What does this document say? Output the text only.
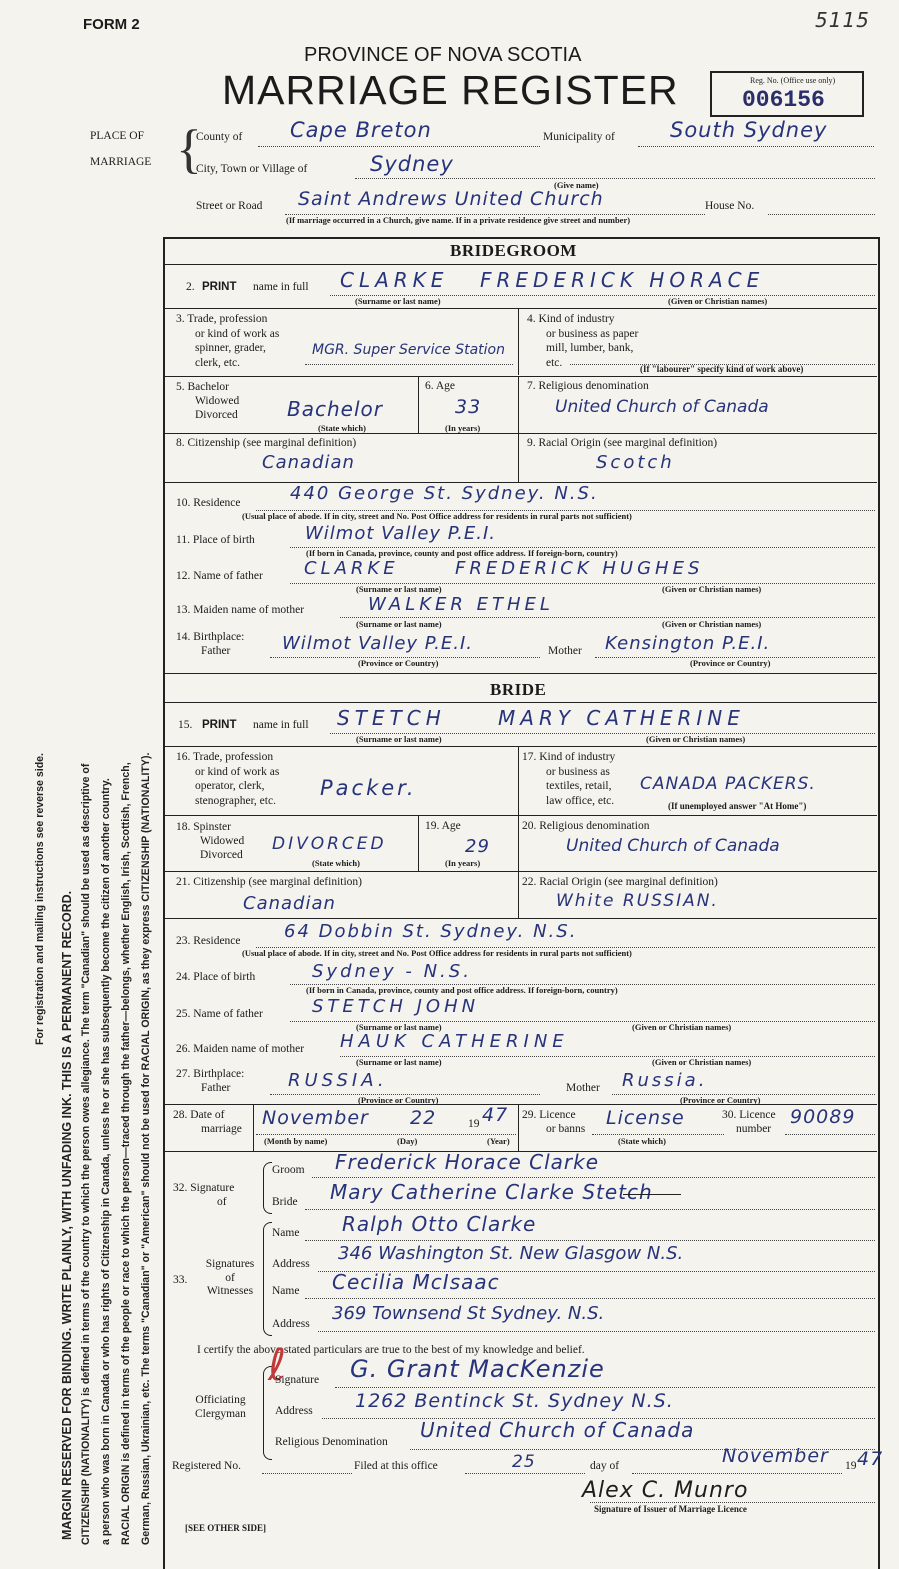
FORM 2	5115
PROVINCE OF NOVA SCOTIA
MARRIAGE REGISTER	Reg. No. (Office use only)
006156
PLACE OF
MARRIAGE {
County of Cape Breton	Municipality of	South Sydney
City, Town or Village of	Sydney
(Give name)
Street or Road Saint Andrews United Church	House No.
(If marriage occurred in a Church, give name. If in a private residence give street and number)
BRIDEGROOM
2. PRINT name in full CLARKE FREDERICK HORACE
(Surname or last name)	(Given or Christian names)
3. Trade, profession
or kind of work as
spinner, grader,
clerk, etc.
MGR. Super Service Station
4. Kind of industry
or business as paper
mill, lumber, bank,
etc.
(If "labourer" specify kind of work above)
5. Bachelor
Widowed
Divorced Bachelor
(State which)
6. Age
33
(In years)
7. Religious denomination
United Church of Canada
8. Citizenship (see marginal definition)
Canadian
9. Racial Origin (see marginal definition)
Scotch
10. Residence	440 George St. Sydney. N.S.
(Usual place of abode. If in city, street and No. Post Office address for residents in rural parts not sufficient)
11. Place of birth	Wilmot Valley P.E.I.
(If born in Canada, province, county and post office address. If foreign-born, country)
12. Name of father CLARKE	FREDERICK HUGHES
(Surname or last name)	(Given or Christian names)
13. Maiden name of mother	WALKER ETHEL
(Surname or last name)	(Given or Christian names)
14. Birthplace:
Father	Wilmot Valley P.E.I.	Mother Kensington P.E.I.
(Province or Country)	(Province or Country)
BRIDE
15. PRINT name in full STETCH	MARY CATHERINE
(Surname or last name)	(Given or Christian names)
16. Trade, profession
or kind of work as
operator, clerk,
stenographer, etc.
Packer.
17. Kind of industry
or business as
textiles, retail,
law office, etc.
CANADA PACKERS.
(If unemployed answer "At Home")
18. Spinster
Widowed
Divorced
DIVORCED
(State which)
19. Age
29
(In years)
20. Religious denomination
United Church of Canada
21. Citizenship (see marginal definition)
Canadian
22. Racial Origin (see marginal definition)
White RUSSIAN.
23. Residence 64 Dobbin St. Sydney. N.S.
(Usual place of abode. If in city, street and No. Post Office address for residents in rural parts not sufficient)
24. Place of birth	Sydney - N.S.
(If born in Canada, province, county and post office address. If foreign-born, country)
25. Name of father	STETCH JOHN
(Surname or last name)	(Given or Christian names)
26. Maiden name of mother HAUK CATHERINE
(Surname or last name)	(Given or Christian names)
27. Birthplace:
Father	RUSSIA.	Mother Russia.
(Province or Country)	(Province or Country)
28. Date of
marriage November 22	19 47
(Month by name)	(Day)	(Year)
29. Licence
or banns License
(State which)
30. Licence
number
90089
32. Signature
of
Groom Frederick Horace Clarke
Bride Mary Catherine Clarke Stetch
33.
Signatures
of
Witnesses
Name Ralph Otto Clarke
Address 346 Washington St. New Glasgow N.S.
Name Cecilia McIsaac
Address 369 Townsend St Sydney. N.S.
I certify the above stated particulars are true to the best of my knowledge and belief.
Officiating
Clergyman
ℓ
Signature G. Grant MacKenzie
Address 1262 Bentinck St. Sydney N.S.
Religious Denomination United Church of Canada
Registered No.	Filed at this office	25	day of	November 19 47
Alex C. Munro
Signature of Issuer of Marriage Licence
[SEE OTHER SIDE]
For registration and mailing instructions see reverse side. MARGIN RESERVED FOR BINDING. WRITE PLAINLY, WITH UNFADING INK. THIS IS A PERMANENT RECORD. CITIZENSHIP (NATIONALITY) is defined in terms of the country to which the person owes allegiance. The term "Canadian" should be used as descriptive of a person who was born in Canada or who has rights of Citizenship in Canada, unless he or she has subsequently become the citizen of another country. RACIAL ORIGIN is defined in terms of the people or race to which the person—traced through the father—belongs, whether English, Irish, Scottish, French, German, Russian, Ukrainian, etc. The terms "Canadian" or "American" should not be used for RACIAL ORIGIN, as they express CITIZENSHIP (NATIONALITY).
